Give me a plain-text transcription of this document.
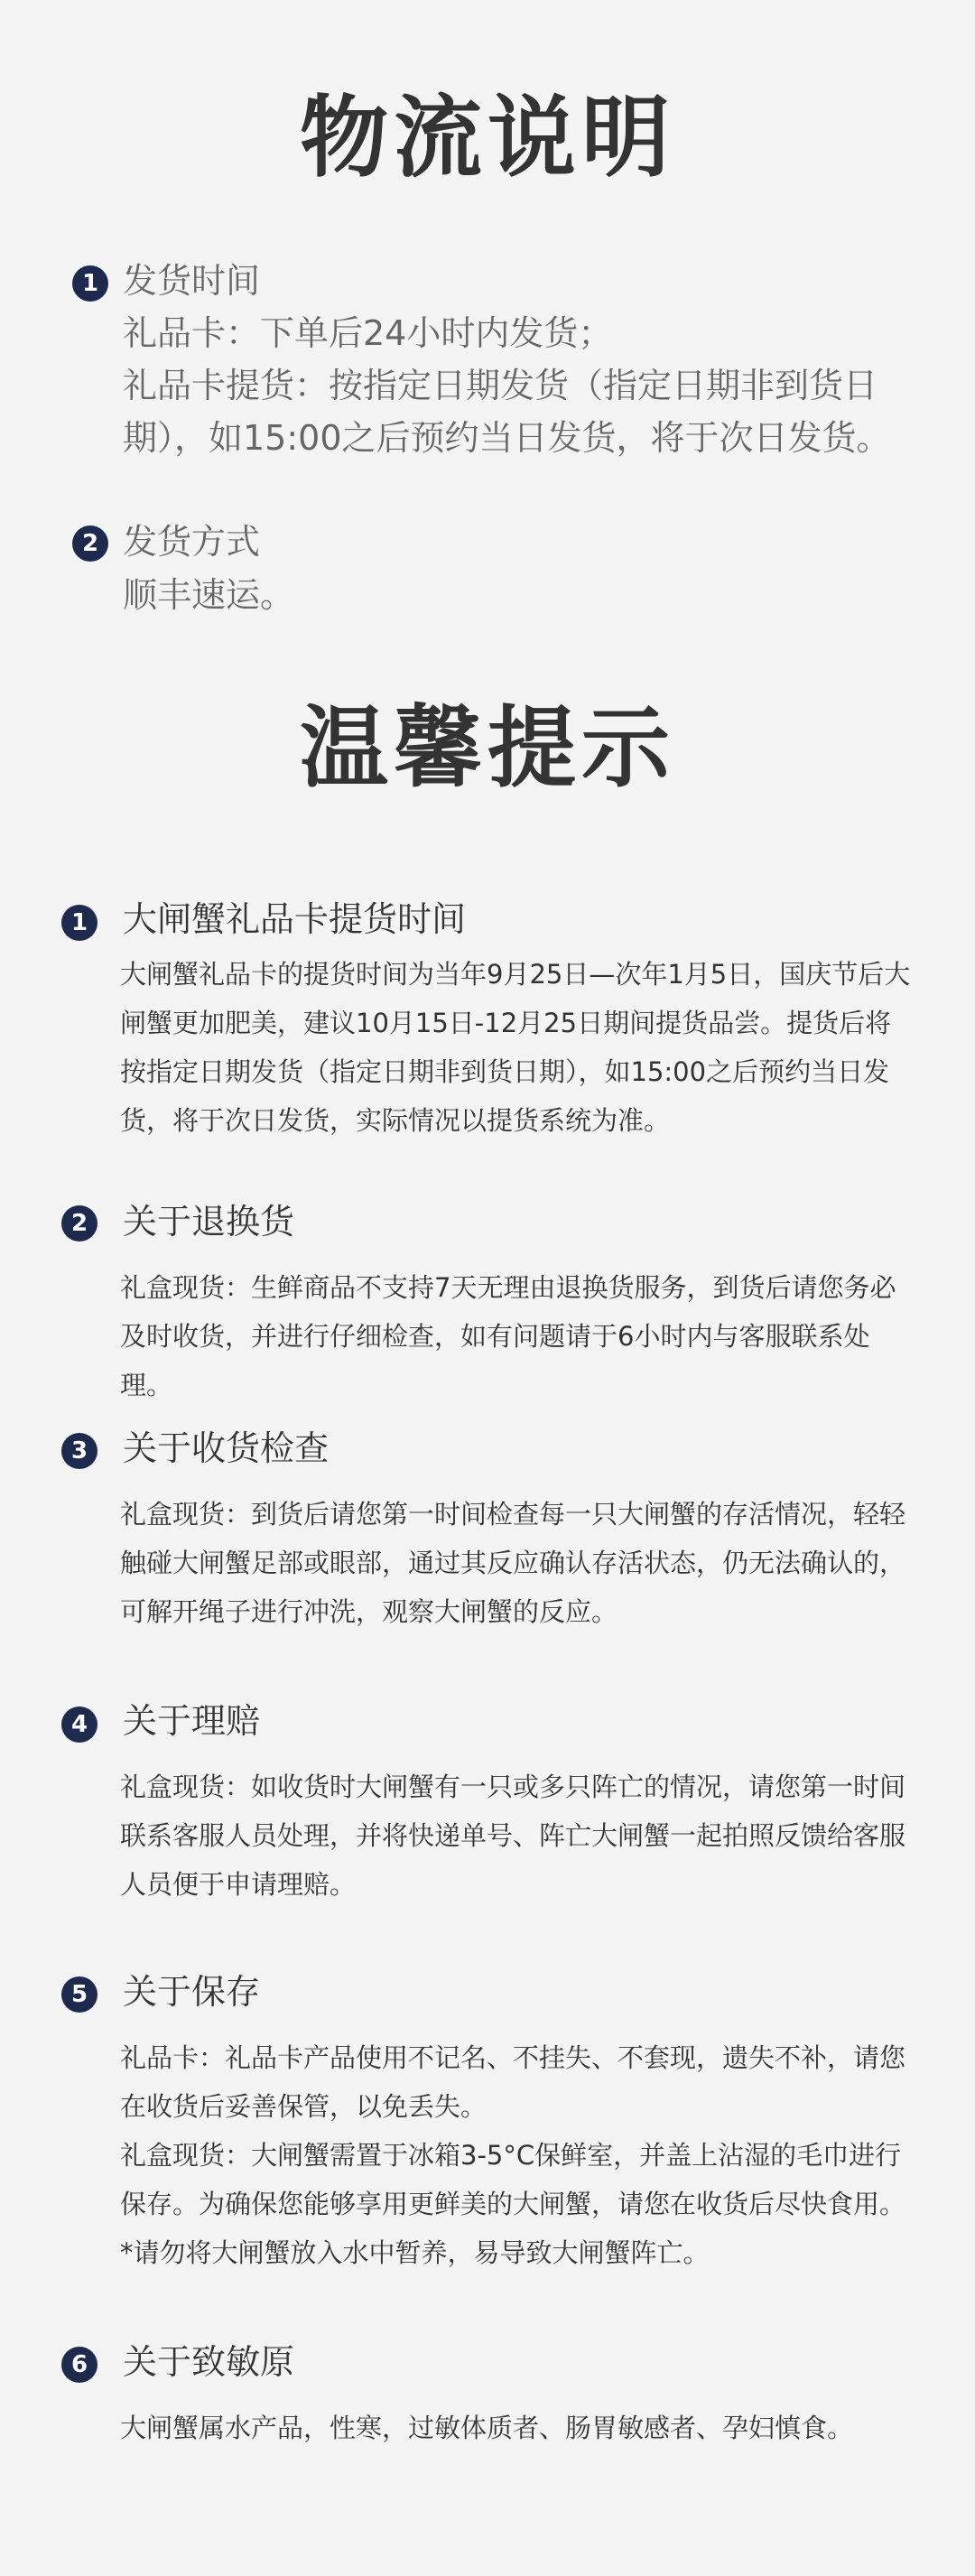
物流说明
1 发货时间
礼品卡：下单后24小时内发货；
礼品卡提货：按指定日期发货（指定日期非到货日期），如15:00之后预约当日发货，将于次日发货。
2 发货方式
顺丰速运。
温馨提示
1 大闸蟹礼品卡提货时间

大闸蟹礼品卡的提货时间为当年9月25日—次年1月5日，国庆节后大闸蟹更加肥美，建议10月15日-12月25日期间提货品尝。提货后将按指定日期发货（指定日期非到货日期），如15:00之后预约当日发货，将于次日发货，实际情况以提货系统为准。

2 关于退换货

礼盒现货：生鲜商品不支持7天无理由退换货服务，到货后请您务必及时收货，并进行仔细检查，如有问题请于6小时内与客服联系处理。

3 关于收货检查

礼盒现货：到货后请您第一时间检查每一只大闸蟹的存活情况，轻轻触碰大闸蟹足部或眼部，通过其反应确认存活状态，仍无法确认的，可解开绳子进行冲洗，观察大闸蟹的反应。

4 关于理赔

礼盒现货：如收货时大闸蟹有一只或多只阵亡的情况，请您第一时间联系客服人员处理，并将快递单号、阵亡大闸蟹一起拍照反馈给客服人员便于申请理赔。

5 关于保存

礼品卡：礼品卡产品使用不记名、不挂失、不套现，遗失不补，请您在收货后妥善保管，以免丢失。

礼盒现货：大闸蟹需置于冰箱3-5°C保鲜室，并盖上沾湿的毛巾进行保存。为确保您能够享用更鲜美的大闸蟹，请您在收货后尽快食用。

*请勿将大闸蟹放入水中暂养，易导致大闸蟹阵亡。

6 关于致敏原

大闸蟹属水产品，性寒，过敏体质者、肠胃敏感者、孕妇慎食。
